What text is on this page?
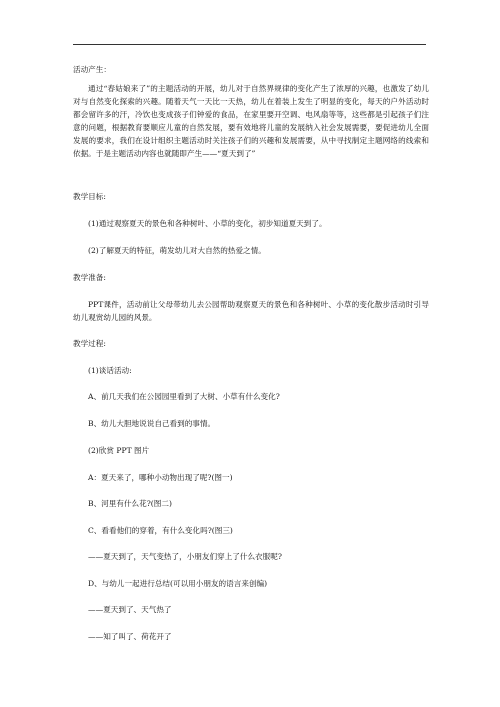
活动产生：
通过“春姑娘来了”的主题活动的开展，幼儿对于自然界规律的变化产生了浓厚的兴趣，也激发了幼儿对与自然变化探索的兴趣。随着天气一天比一天热，幼儿在着装上发生了明显的变化，每天的户外活动时都会留许多的汗，冷饮也变成孩子们钟爱的食品，在家里要开空调、电风扇等等，这些都是引起孩子们注意的问题，根据教育要顺应儿童的自然发展，要有效地将儿童的发展纳入社会发展需要，要促进幼儿全面发展的要求，我们在设计组织主题活动时关注孩子们的兴趣和发展需要，从中寻找制定主题网络的线索和依据。于是主题活动内容也就随即产生——“夏天到了”
教学目标:
(1)通过观察夏天的景色和各种树叶、小草的变化，初步知道夏天到了。
(2)了解夏天的特征，萌发幼儿对大自然的热爱之情。
教学准备:
PPT课件，活动前让父母带幼儿去公园帮助观察夏天的景色和各种树叶、小草的变化散步活动时引导幼儿观赏幼儿园的风景。
教学过程:
(1)谈话活动:
A、前几天我们在公园园里看到了大树、小草有什么变化?
B、幼儿大胆地说说自己看到的事情。
(2)欣赏 PPT 图片
A：夏天来了，哪种小动物出现了呢?(图一)
B、河里有什么花?(图二)
C、看看他们的穿着，有什么变化吗?(图三)
——夏天到了，天气变热了，小朋友们穿上了什么衣服呢?
D、与幼儿一起进行总结(可以用小朋友的语言来创编)
——夏天到了、天气热了
——知了叫了、荷花开了
